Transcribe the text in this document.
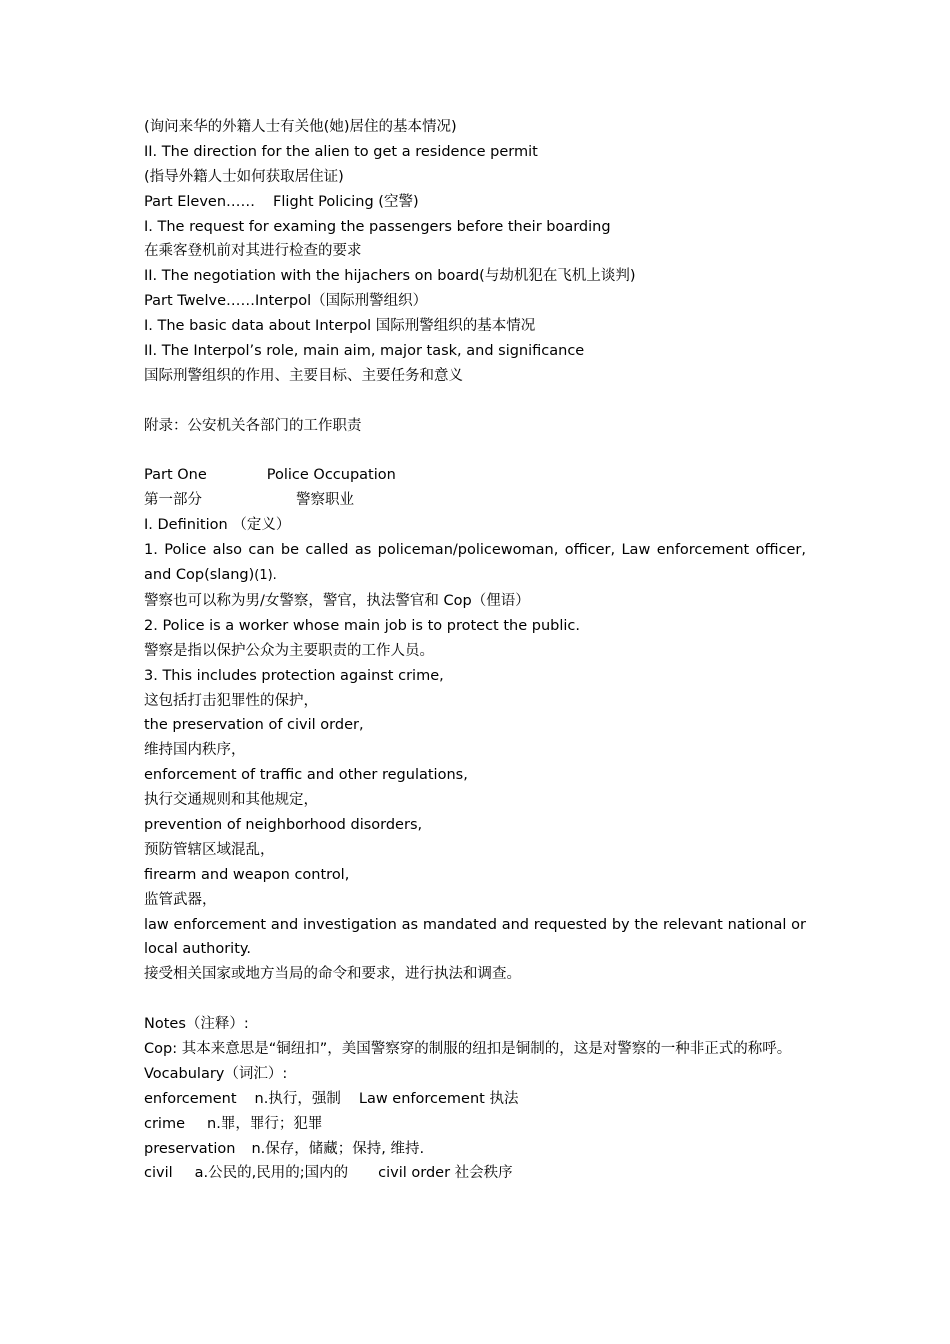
(询问来华的外籍人士有关他(她)居住的基本情况)
II. The direction for the alien to get a residence permit
(指导外籍人士如何获取居住证)
Part Eleven…… Flight Policing (空警)
I. The request for examing the passengers before their boarding
在乘客登机前对其进行检查的要求
II. The negotiation with the hijachers on board(与劫机犯在飞机上谈判)
Part Twelve……Interpol（国际刑警组织）
I. The basic data about Interpol 国际刑警组织的基本情况
II. The Interpol’s role, main aim, major task, and significance
国际刑警组织的作用、主要目标、主要任务和意义
附录：公安机关各部门的工作职责
Part One	Police Occupation
第一部分	警察职业
I. Definition （定义）
1. Police also can be called as policeman/policewoman, officer, Law enforcement officer, and Cop(slang)(1).
警察也可以称为男/女警察，警官，执法警官和 Cop（俚语）
2. Police is a worker whose main job is to protect the public.
警察是指以保护公众为主要职责的工作人员。
3. This includes protection against crime,
这包括打击犯罪性的保护，
the preservation of civil order,
维持国内秩序，
enforcement of traffic and other regulations,
执行交通规则和其他规定，
prevention of neighborhood disorders,
预防管辖区域混乱，
firearm and weapon control,
监管武器，
law enforcement and investigation as mandated and requested by the relevant national or local authority.
接受相关国家或地方当局的命令和要求，进行执法和调查。
Notes（注释）:
Cop: 其本来意思是“铜纽扣”，美国警察穿的制服的纽扣是铜制的，这是对警察的一种非正式的称呼。
Vocabulary（词汇）:
enforcement n.执行，强制 Law enforcement 执法
crime n.罪，罪行；犯罪
preservation n.保存，储藏；保持, 维持.
civil a.公民的,民用的;国内的 civil order 社会秩序
